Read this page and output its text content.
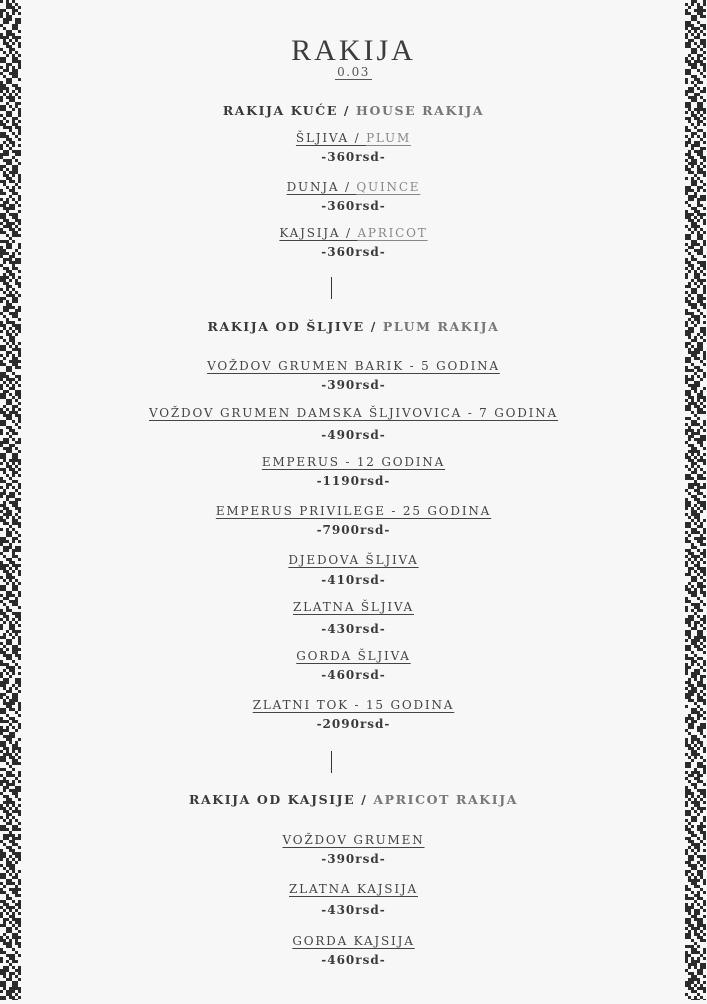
RAKIJA
0.03
RAKIJA KUĆE / HOUSE RAKIJA
ŠLJIVA / PLUM
-360rsd-
DUNJA / QUINCE
-360rsd-
KAJSIJA / APRICOT
-360rsd-
RAKIJA OD ŠLJIVE / PLUM RAKIJA
VOŽDOV GRUMEN BARIK - 5 GODINA
-390rsd-
VOŽDOV GRUMEN DAMSKA ŠLJIVOVICA - 7 GODINA
-490rsd-
EMPERUS - 12 GODINA
-1190rsd-
EMPERUS PRIVILEGE - 25 GODINA
-7900rsd-
DJEDOVA ŠLJIVA
-410rsd-
ZLATNA ŠLJIVA
-430rsd-
GORDA ŠLJIVA
-460rsd-
ZLATNI TOK - 15 GODINA
-2090rsd-
RAKIJA OD KAJSIJE / APRICOT RAKIJA
VOŽDOV GRUMEN
-390rsd-
ZLATNA KAJSIJA
-430rsd-
GORDA KAJSIJA
-460rsd-
